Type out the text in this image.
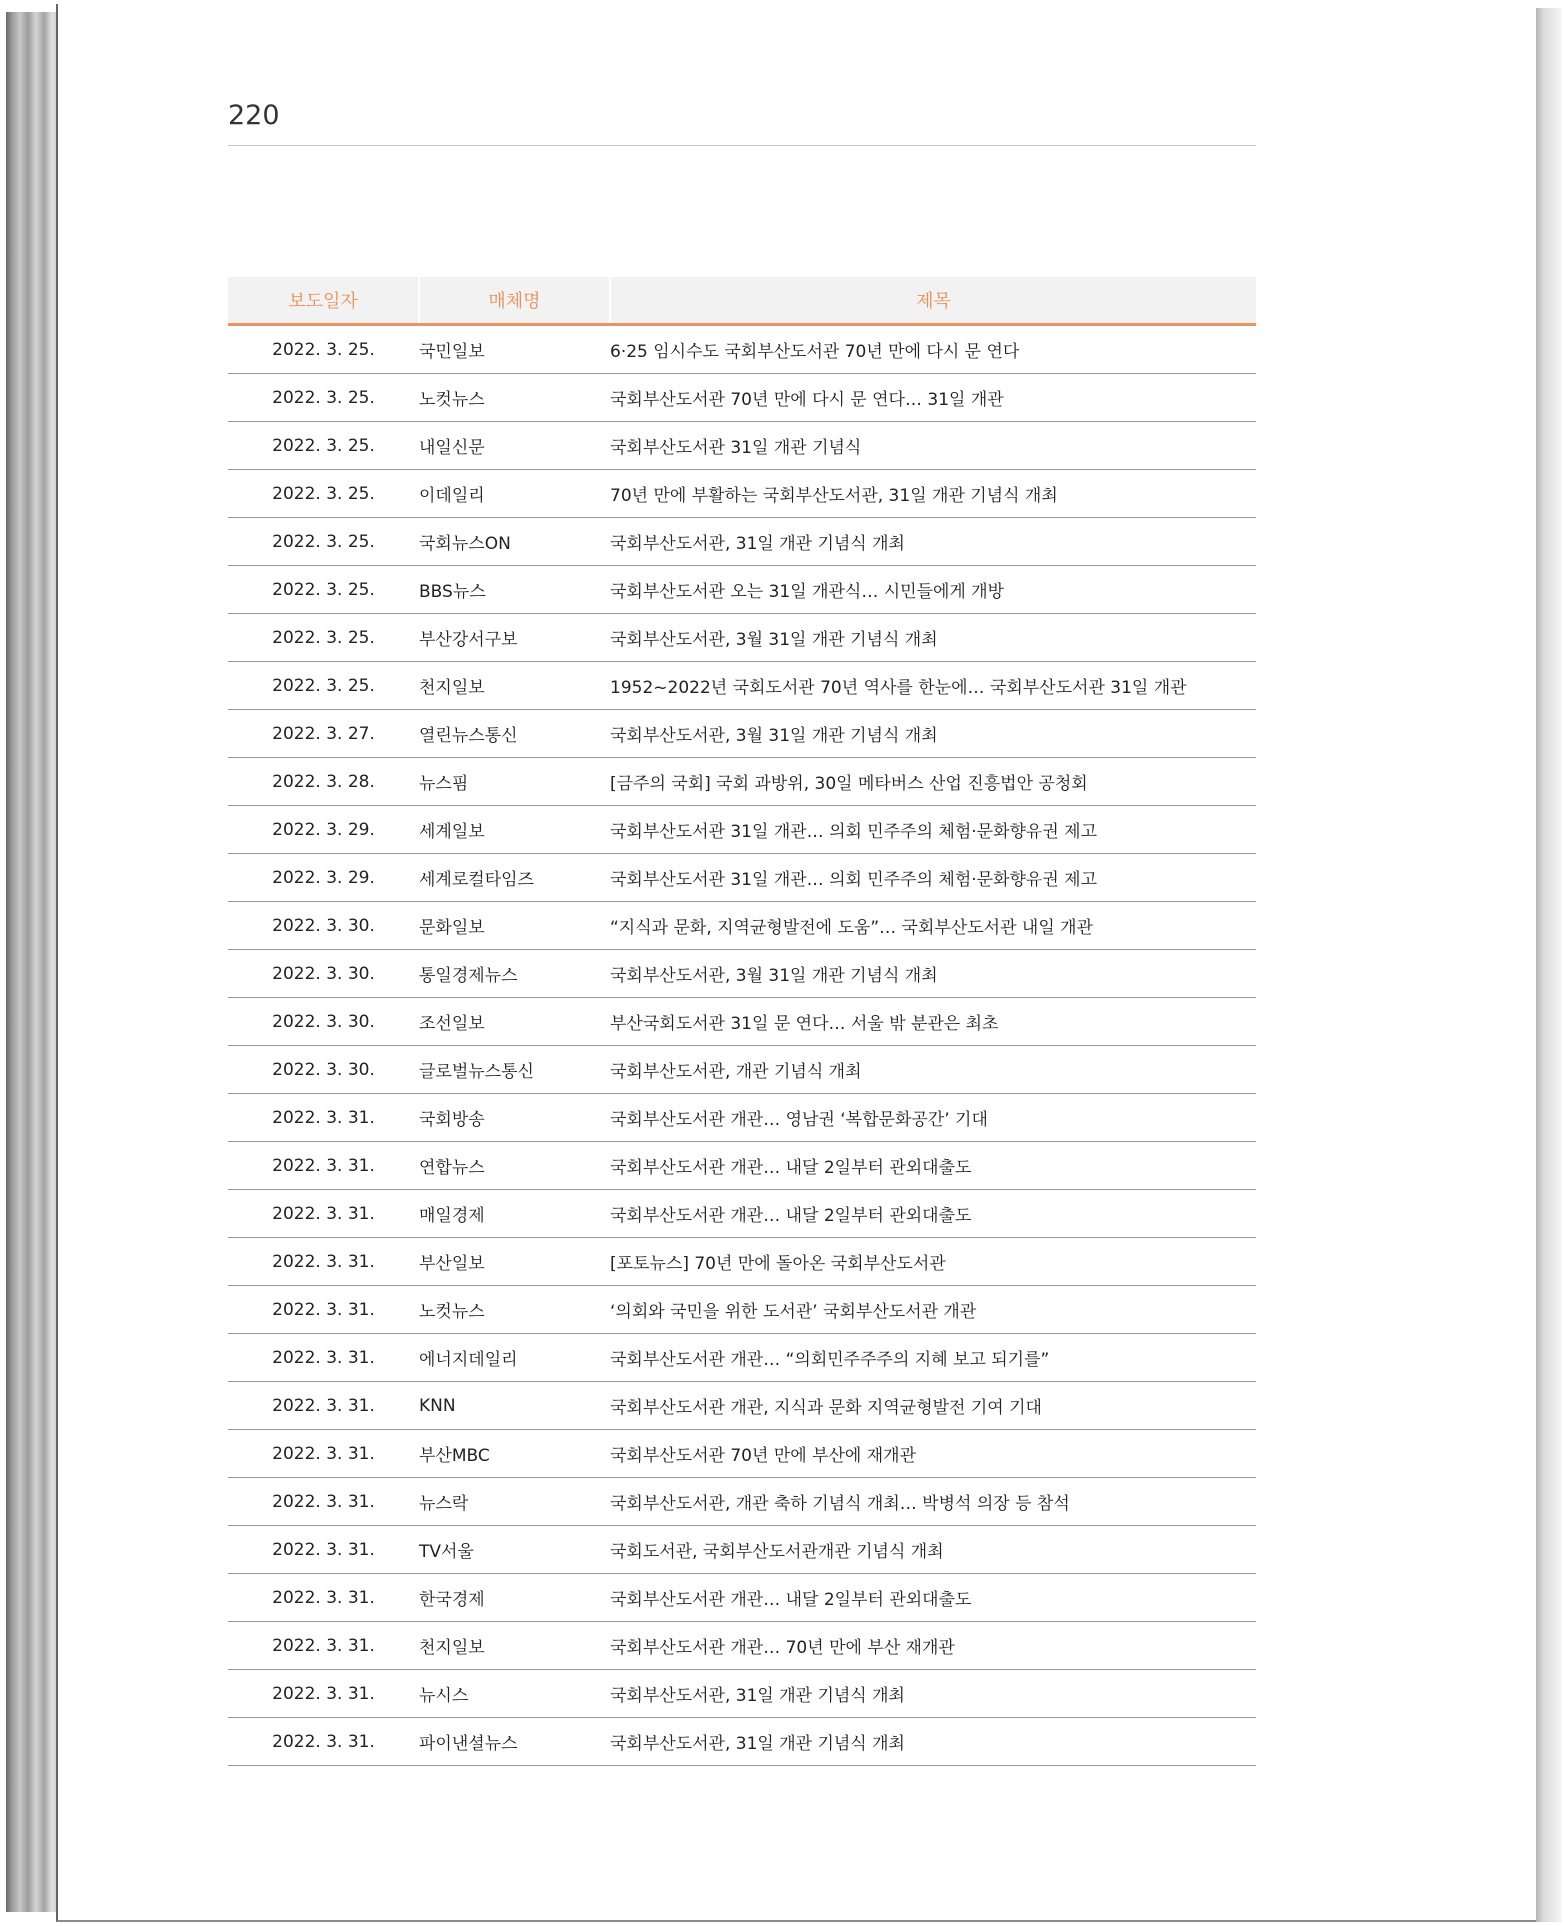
220
보도일자	매체명	제목
2022. 3. 25.	국민일보	6·25 임시수도 국회부산도서관 70년 만에 다시 문 연다
2022. 3. 25.	노컷뉴스	국회부산도서관 70년 만에 다시 문 연다… 31일 개관
2022. 3. 25.	내일신문	국회부산도서관 31일 개관 기념식
2022. 3. 25.	이데일리	70년 만에 부활하는 국회부산도서관, 31일 개관 기념식 개최
2022. 3. 25.	국회뉴스ON	국회부산도서관, 31일 개관 기념식 개최
2022. 3. 25.	BBS뉴스	국회부산도서관 오는 31일 개관식… 시민들에게 개방
2022. 3. 25.	부산강서구보	국회부산도서관, 3월 31일 개관 기념식 개최
2022. 3. 25.	천지일보	1952~2022년 국회도서관 70년 역사를 한눈에… 국회부산도서관 31일 개관
2022. 3. 27.	열린뉴스통신	국회부산도서관, 3월 31일 개관 기념식 개최
2022. 3. 28.	뉴스핌	[금주의 국회] 국회 과방위, 30일 메타버스 산업 진흥법안 공청회
2022. 3. 29.	세계일보	국회부산도서관 31일 개관… 의회 민주주의 체험·문화향유권 제고
2022. 3. 29.	세계로컬타임즈	국회부산도서관 31일 개관… 의회 민주주의 체험·문화향유권 제고
2022. 3. 30.	문화일보	“지식과 문화, 지역균형발전에 도움”… 국회부산도서관 내일 개관
2022. 3. 30.	통일경제뉴스	국회부산도서관, 3월 31일 개관 기념식 개최
2022. 3. 30.	조선일보	부산국회도서관 31일 문 연다… 서울 밖 분관은 최초
2022. 3. 30.	글로벌뉴스통신	국회부산도서관, 개관 기념식 개최
2022. 3. 31.	국회방송	국회부산도서관 개관… 영남권 ‘복합문화공간’ 기대
2022. 3. 31.	연합뉴스	국회부산도서관 개관… 내달 2일부터 관외대출도
2022. 3. 31.	매일경제	국회부산도서관 개관… 내달 2일부터 관외대출도
2022. 3. 31.	부산일보	[포토뉴스] 70년 만에 돌아온 국회부산도서관
2022. 3. 31.	노컷뉴스	‘의회와 국민을 위한 도서관’ 국회부산도서관 개관
2022. 3. 31.	에너지데일리	국회부산도서관 개관… “의회민주주주의 지혜 보고 되기를”
2022. 3. 31.	KNN	국회부산도서관 개관, 지식과 문화 지역균형발전 기여 기대
2022. 3. 31.	부산MBC	국회부산도서관 70년 만에 부산에 재개관
2022. 3. 31.	뉴스락	국회부산도서관, 개관 축하 기념식 개최… 박병석 의장 등 참석
2022. 3. 31.	TV서울	국회도서관, 국회부산도서관개관 기념식 개최
2022. 3. 31.	한국경제	국회부산도서관 개관… 내달 2일부터 관외대출도
2022. 3. 31.	천지일보	국회부산도서관 개관… 70년 만에 부산 재개관
2022. 3. 31.	뉴시스	국회부산도서관, 31일 개관 기념식 개최
2022. 3. 31.	파이낸셜뉴스	국회부산도서관, 31일 개관 기념식 개최
